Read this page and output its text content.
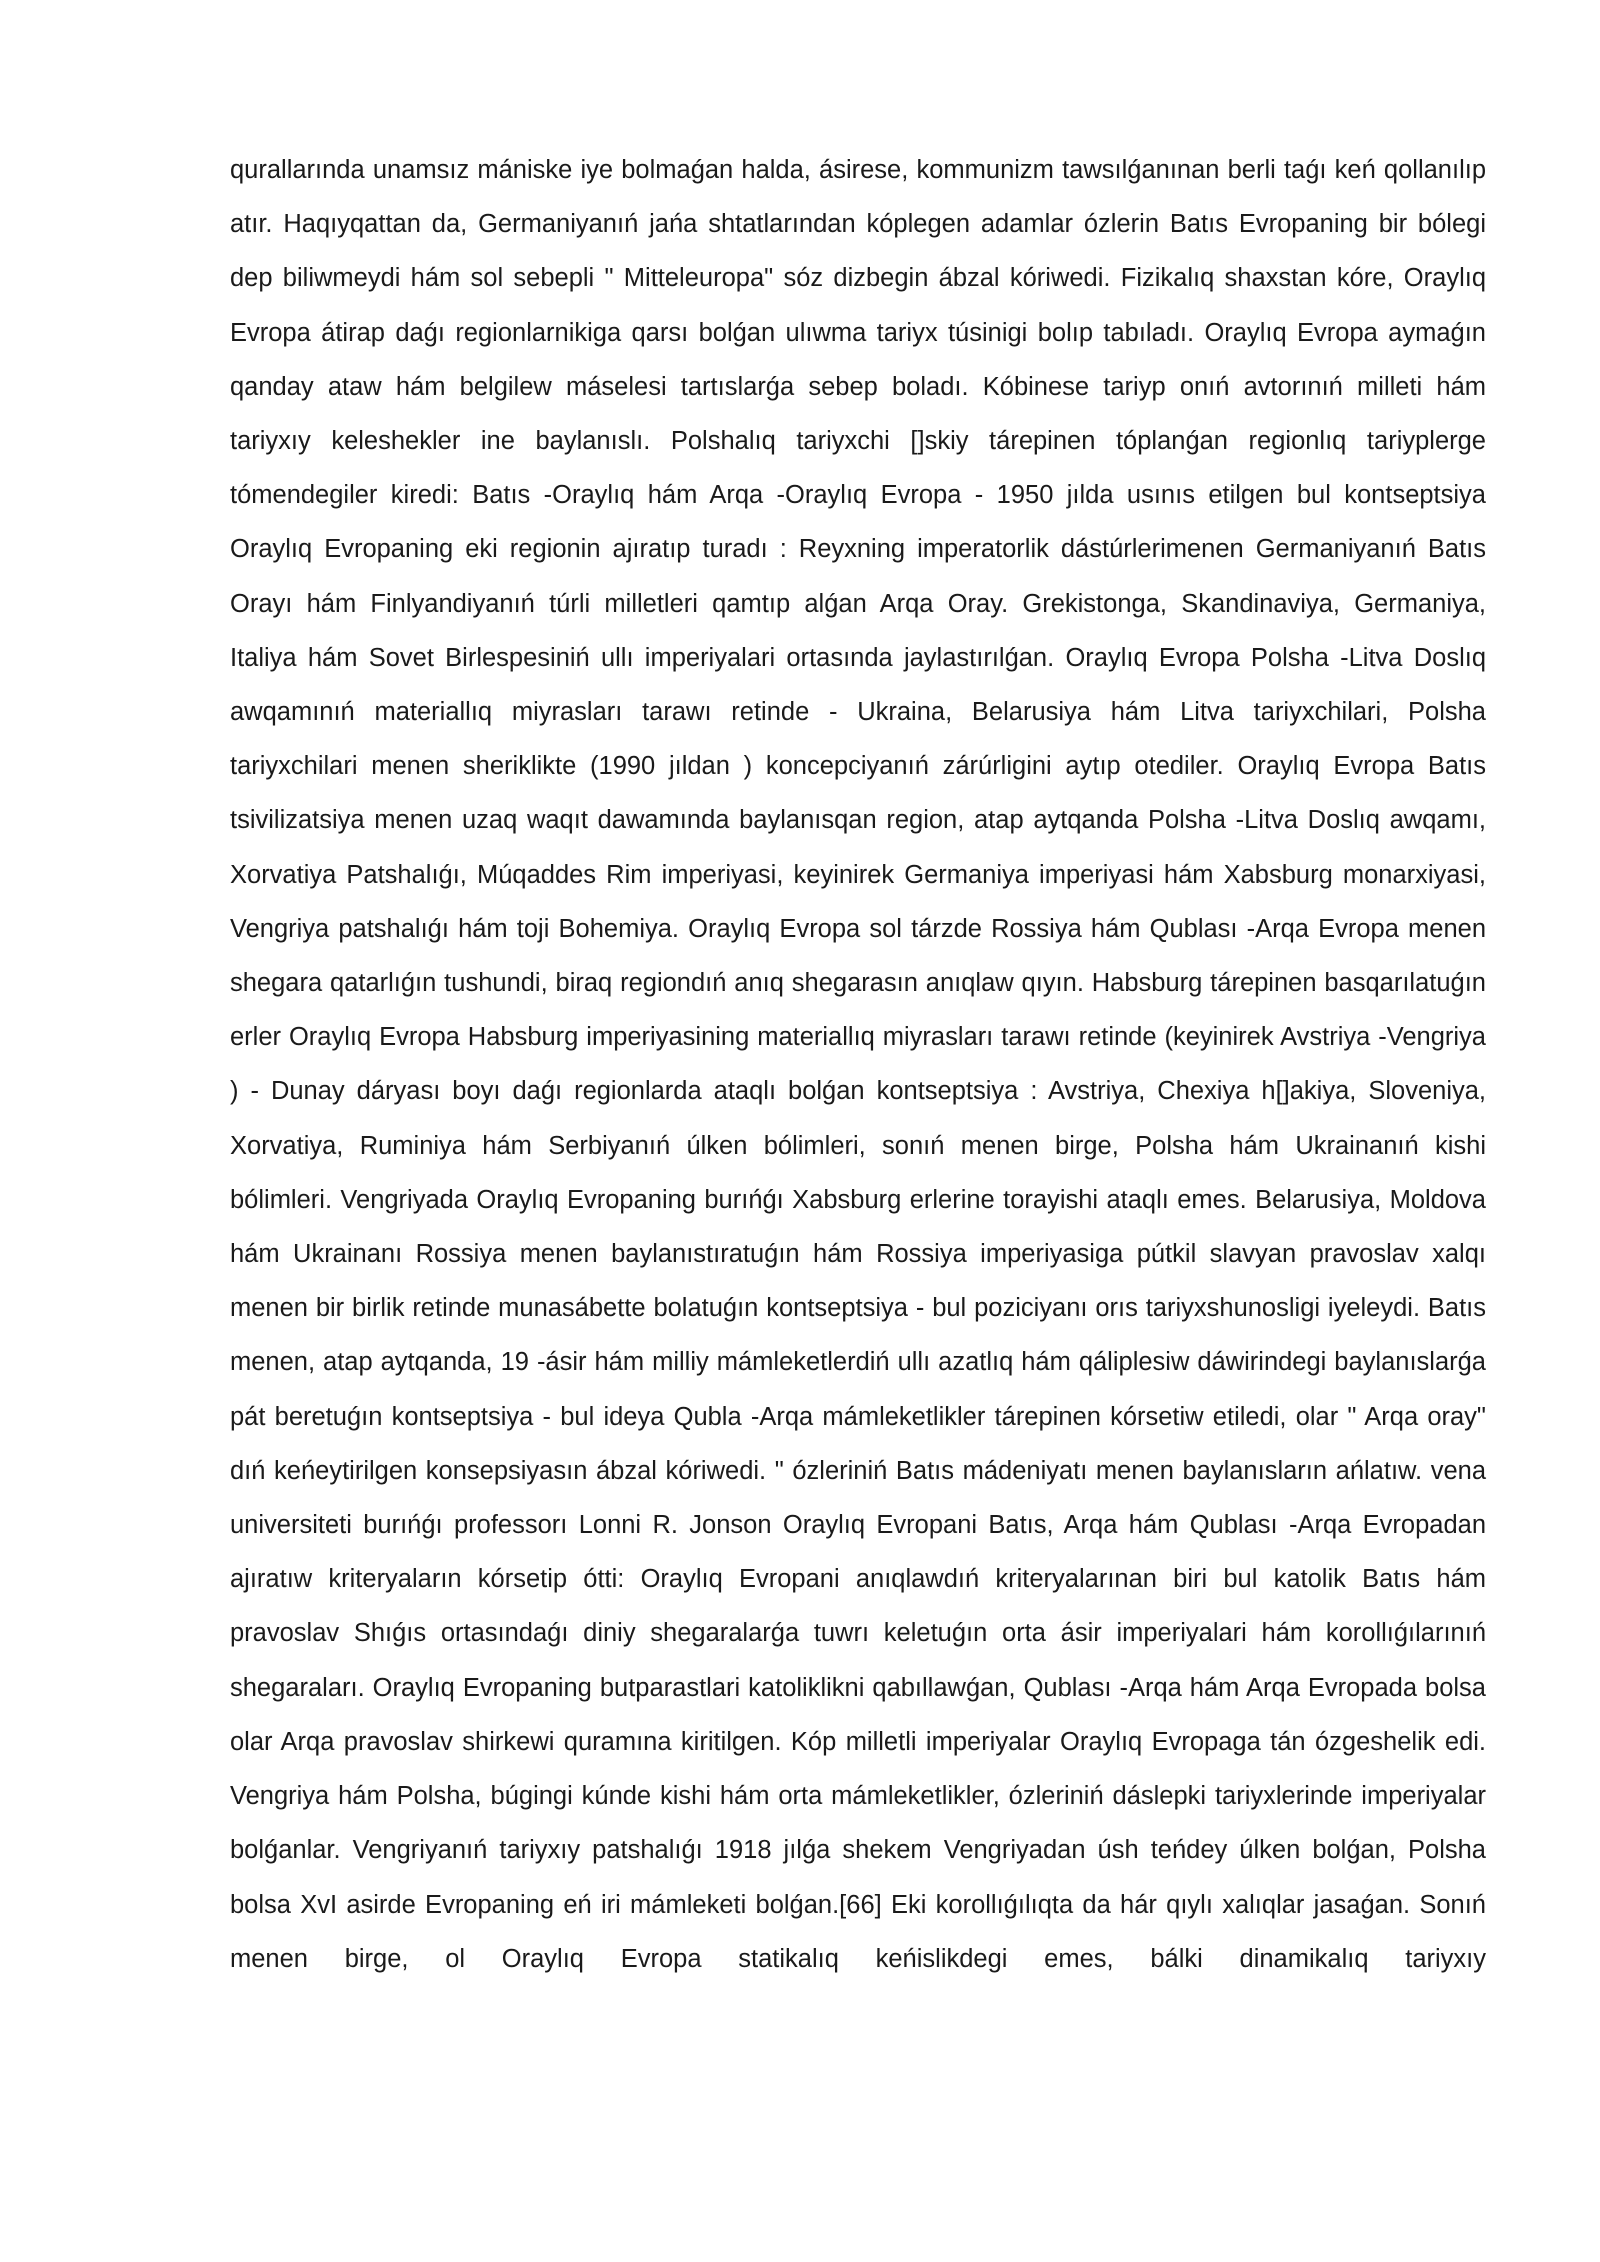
qurallarında unamsız mániske iye bolmaǵan halda, ásirese, kommunizm tawsılǵanınan berli taǵı keń qollanılıp atır. Haqıyqattan da, Germaniyanıń jańa shtatlarından kóplegen adamlar ózlerin Batıs Evropaning bir bólegi dep biliwmeydi hám sol sebepli " Mitteleuropa" sóz dizbegin ábzal kóriwedi. Fizikalıq shaxstan kóre, Oraylıq Evropa átirap daǵı regionlarnikiga qarsı bolǵan ulıwma tariyx túsinigi bolıp tabıladı. Oraylıq Evropa aymaǵın qanday ataw hám belgilew máselesi tartıslarǵa sebep boladı. Kóbinese tariyp onıń avtorınıń milleti hám tariyxıy keleshekler ine baylanıslı. Polshalıq tariyxchi []skiy tárepinen tóplanǵan regionlıq tariyplerge tómendegiler kiredi: Batıs -Oraylıq hám Arqa -Oraylıq Evropa - 1950 jılda usınıs etilgen bul kontseptsiya Oraylıq Evropaning eki regionin ajıratıp turadı : Reyxning imperatorlik dástúrlerimenen Germaniyanıń Batıs Orayı hám Finlyandiyanıń túrli milletleri qamtıp alǵan Arqa Oray. Grekistonga, Skandinaviya, Germaniya, Italiya hám Sovet Birlespesiniń ullı imperiyalari ortasında jaylastırılǵan. Oraylıq Evropa Polsha -Litva Doslıq awqamınıń materiallıq miyrasları tarawı retinde - Ukraina, Belarusiya hám Litva tariyxchilari, Polsha tariyxchilari menen sheriklikte (1990 jıldan ) koncepciyanıń zárúrligini aytıp otediler. Oraylıq Evropa Batıs tsivilizatsiya menen uzaq waqıt dawamında baylanısqan region, atap aytqanda Polsha -Litva Doslıq awqamı, Xorvatiya Patshalıǵı, Múqaddes Rim imperiyasi, keyinirek Germaniya imperiyasi hám Xabsburg monarxiyasi, Vengriya patshalıǵı hám toji Bohemiya. Oraylıq Evropa sol tárzde Rossiya hám Qublası -Arqa Evropa menen shegara qatarlıǵın tushundi, biraq regiondıń anıq shegarasın anıqlaw qıyın. Habsburg tárepinen basqarılatuǵın erler Oraylıq Evropa Habsburg imperiyasining materiallıq miyrasları tarawı retinde (keyinirek Avstriya -Vengriya ) - Dunay dáryası boyı daǵı regionlarda ataqlı bolǵan kontseptsiya : Avstriya, Chexiya h[]akiya, Sloveniya, Xorvatiya, Ruminiya hám Serbiyanıń úlken bólimleri, sonıń menen birge, Polsha hám Ukrainanıń kishi bólimleri. Vengriyada Oraylıq Evropaning burıńǵı Xabsburg erlerine torayishi ataqlı emes. Belarusiya, Moldova hám Ukrainanı Rossiya menen baylanıstıratuǵın hám Rossiya imperiyasiga pútkil slavyan pravoslav xalqı menen bir birlik retinde munasábette bolatuǵın kontseptsiya - bul poziciyanı orıs tariyxshunosligi iyeleydi. Batıs menen, atap aytqanda, 19 -ásir hám milliy mámleketlerdiń ullı azatlıq hám qáliplesiw dáwirindegi baylanıslarǵa pát beretuǵın kontseptsiya - bul ideya Qubla -Arqa mámleketlikler tárepinen kórsetiw etiledi, olar " Arqa oray" dıń keńeytirilgen konsepsiyasın ábzal kóriwedi. " ózleriniń Batıs mádeniyatı menen baylanısların ańlatıw. vena universiteti burıńǵı professorı Lonni R. Jonson Oraylıq Evropani Batıs, Arqa hám Qublası -Arqa Evropadan ajıratıw kriteryaların kórsetip ótti: Oraylıq Evropani anıqlawdıń kriteryalarınan biri bul katolik Batıs hám pravoslav Shıǵıs ortasındaǵı diniy shegaralarǵa tuwrı keletuǵın orta ásir imperiyalari hám korollıǵılarınıń shegaraları. Oraylıq Evropaning butparastlari katoliklikni qabıllawǵan, Qublası -Arqa hám Arqa Evropada bolsa olar Arqa pravoslav shirkewi quramına kiritilgen. Kóp milletli imperiyalar Oraylıq Evropaga tán ózgeshelik edi. Vengriya hám Polsha, búgingi kúnde kishi hám orta mámleketlikler, ózleriniń dáslepki tariyxlerinde imperiyalar bolǵanlar. Vengriyanıń tariyxıy patshalıǵı 1918 jılǵa shekem Vengriyadan úsh teńdey úlken bolǵan, Polsha bolsa XvI asirde Evropaning eń iri mámleketi bolǵan.[66] Eki korollıǵılıqta da hár qıylı xalıqlar jasaǵan. Sonıń menen birge, ol Oraylıq Evropa statikalıq keńislikdegi emes, bálki dinamikalıq tariyxıy
